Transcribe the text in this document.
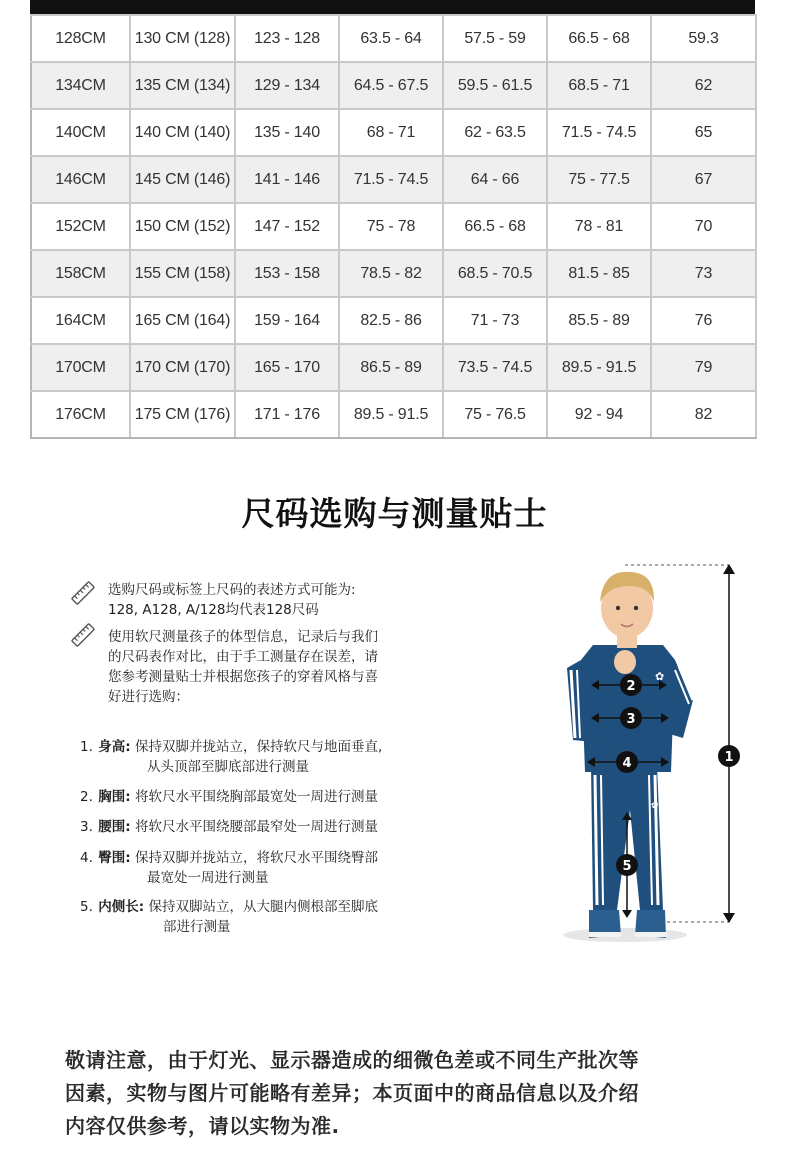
128CM	130 CM (128)	123 - 128	63.5 - 64	57.5 - 59	66.5 - 68	59.3
134CM	135 CM (134)	129 - 134	64.5 - 67.5	59.5 - 61.5	68.5 - 71	62
140CM	140 CM (140)	135 - 140	68 - 71	62 - 63.5	71.5 - 74.5	65
146CM	145 CM (146)	141 - 146	71.5 - 74.5	64 - 66	75 - 77.5	67
152CM	150 CM (152)	147 - 152	75 - 78	66.5 - 68	78 - 81	70
158CM	155 CM (158)	153 - 158	78.5 - 82	68.5 - 70.5	81.5 - 85	73
164CM	165 CM (164)	159 - 164	82.5 - 86	71 - 73	85.5 - 89	76
170CM	170 CM (170)	165 - 170	86.5 - 89	73.5 - 74.5	89.5 - 91.5	79
176CM	175 CM (176)	171 - 176	89.5 - 91.5	75 - 76.5	92 - 94	82
尺码选购与测量贴士
选购尺码或标签上尺码的表述方式可能为:
128, A128, A/128均代表128尺码
使用软尺测量孩子的体型信息，记录后与我们
的尺码表作对比，由于手工测量存在误差，请
您参考测量贴士并根据您孩子的穿着风格与喜
好进行选购：
1. 身高: 保持双脚并拢站立，保持软尺与地面垂直,
从头顶部至脚底部进行测量
2. 胸围: 将软尺水平围绕胸部最宽处一周进行测量
3. 腰围: 将软尺水平围绕腰部最窄处一周进行测量
4. 臀围: 保持双脚并拢站立，将软尺水平围绕臀部
最宽处一周进行测量
5. 内侧长: 保持双脚站立，从大腿内侧根部至脚底
部进行测量
✿
✿
1
2
3
4
5
敬请注意，由于灯光、显示器造成的细微色差或不同生产批次等
因素，实物与图片可能略有差异；本页面中的商品信息以及介绍
内容仅供参考，请以实物为准.
